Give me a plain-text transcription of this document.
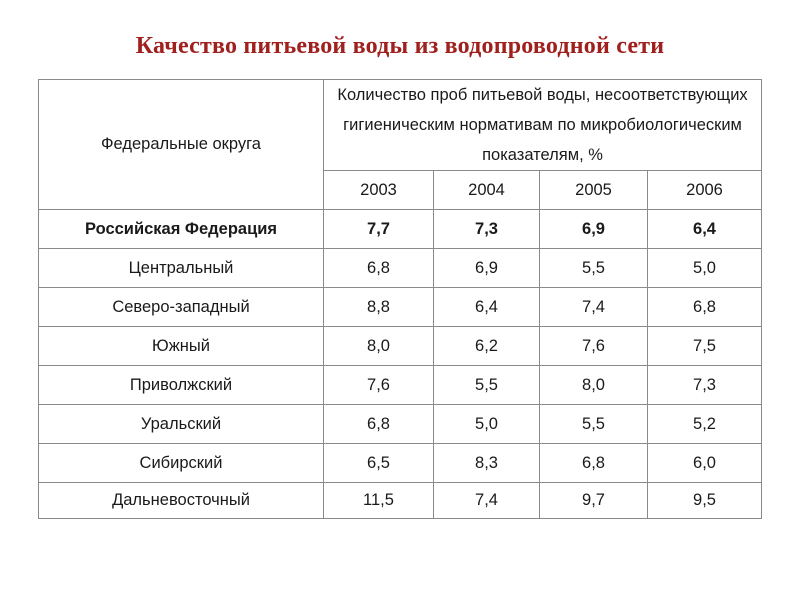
Качество питьевой воды из водопроводной сети
Федеральные округа	Количество проб питьевой воды, несоответствующих гигиеническим нормативам по микробиологическим показателям, %			
	2003	2004	2005	2006
Российская Федерация	7,7	7,3	6,9	6,4
Центральный	6,8	6,9	5,5	5,0
Северо-западный	8,8	6,4	7,4	6,8
Южный	8,0	6,2	7,6	7,5
Приволжский	7,6	5,5	8,0	7,3
Уральский	6,8	5,0	5,5	5,2
Сибирский	6,5	8,3	6,8	6,0
Дальневосточный	11,5	7,4	9,7	9,5
